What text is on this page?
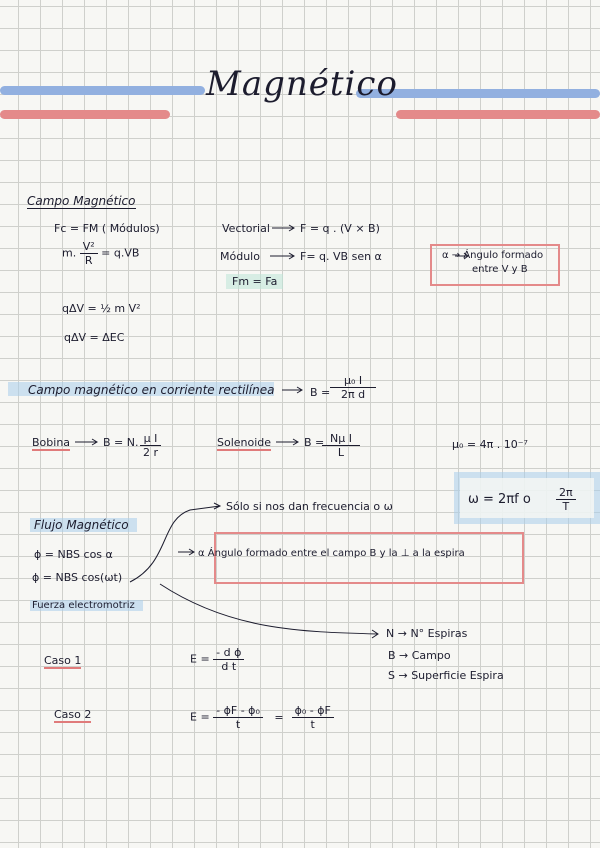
Magnético
Campo Magnético
Fc = FM ( Módulos)
m. $\frac{\text{V²}}{R} = q.VB$
Vectorial	F = q . (V × B)
Módulo	F= q. VB sen α
Fm = Fa
α → Ángulo formado
entre V y B
qΔV = ½ m V²
qΔV = ΔEC
Campo magnético en corriente rectilínea	$B = \frac{\text{μ₀ I}}{\text{2π d}}$
Bobina	B = N. $\frac{\text{μ I}}{2 r}$	Solenoide	B =
$\frac{\text{Nμ I}}{L}$	μ₀ = 4π . 10⁻⁷
Flujo Magnético
ɸ = NBS cos α
ɸ = NBS cos(ωt)
Fuerza electromotriz
Sólo si nos dan frecuencia o ω	ω = 2πf o $\frac{2\pi}{T}$
α Ángulo formado entre el campo B y la ⊥ a la espira
N → N° Espiras
B → Campo
S → Superficie Espira
Caso 1	$E = \frac{\text{- d ɸ}}{\text{d t}}$
Caso 2	$E = \frac{\text{- ɸF - ɸ₀}}{t} = \frac{\text{ɸ₀ - ɸF}}{t}$
